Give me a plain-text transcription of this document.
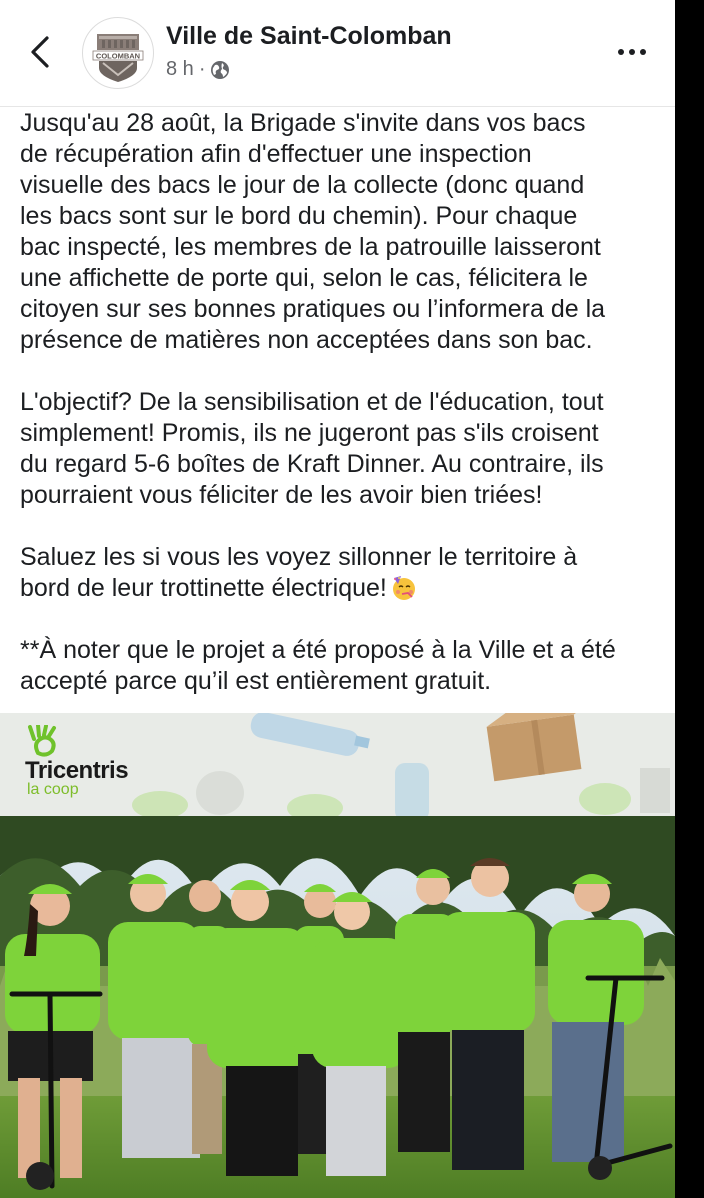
COLOMBAN
Ville de Saint-Colomban
8 h ·

Jusqu'au 28 août, la Brigade s'invite dans vos bacs
de récupération afin d'effectuer une inspection
visuelle des bacs le jour de la collecte (donc quand
les bacs sont sur le bord du chemin). Pour chaque
bac inspecté, les membres de la patrouille laisseront
une affichette de porte qui, selon le cas, félicitera le
citoyen sur ses bonnes pratiques ou l’informera de la
présence de matières non acceptées dans son bac.

L'objectif? De la sensibilisation et de l'éducation, tout
simplement! Promis, ils ne jugeront pas s'ils croisent
du regard 5-6 boîtes de Kraft Dinner. Au contraire, ils
pourraient vous féliciter de les avoir bien triées!

Saluez les si vous les voyez sillonner le territoire à
bord de leur trottinette électrique!

**À noter que le projet a été proposé à la Ville et a été
accepté parce qu’il est entièrement gratuit.

Tricentris
la coop
